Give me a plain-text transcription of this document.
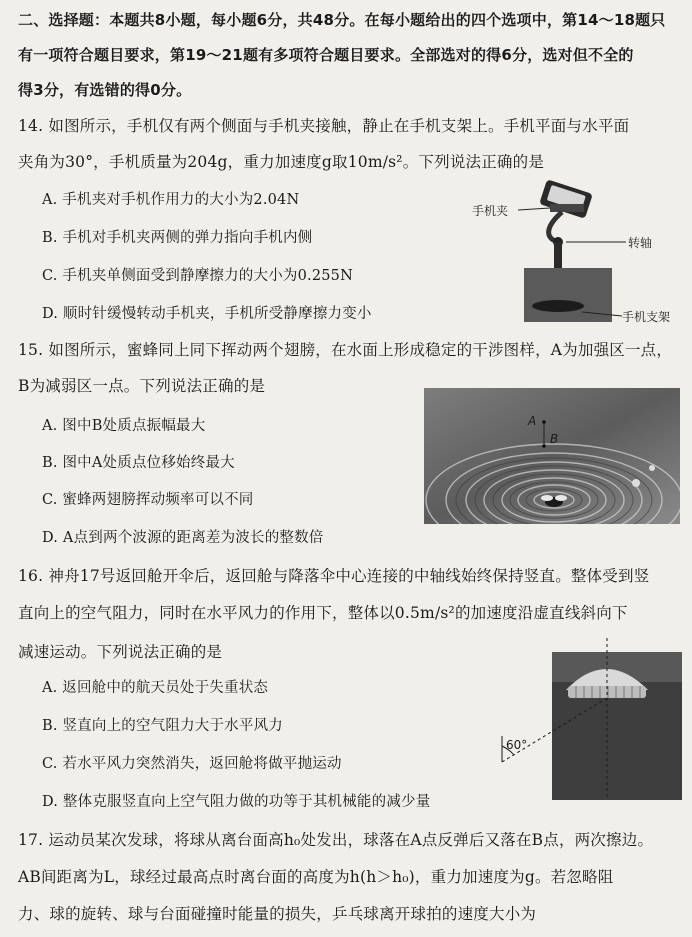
二、选择题：本题共8小题，每小题6分，共48分。在每小题给出的四个选项中，第14～18题只
有一项符合题目要求，第19～21题有多项符合题目要求。全部选对的得6分，选对但不全的
得3分，有选错的得0分。
14. 如图所示，手机仅有两个侧面与手机夹接触，静止在手机支架上。手机平面与水平面
夹角为30°，手机质量为204g，重力加速度g取10m/s²。下列说法正确的是
A. 手机夹对手机作用力的大小为2.04N
B. 手机对手机夹两侧的弹力指向手机内侧
C. 手机夹单侧面受到静摩擦力的大小为0.255N
D. 顺时针缓慢转动手机夹，手机所受静摩擦力变小
手机夹
转轴
手机支架
15. 如图所示，蜜蜂同上同下挥动两个翅膀，在水面上形成稳定的干涉图样，A为加强区一点，
B为减弱区一点。下列说法正确的是
A. 图中B处质点振幅最大
B. 图中A处质点位移始终最大
C. 蜜蜂两翅膀挥动频率可以不同
D. A点到两个波源的距离差为波长的整数倍
A
B
16. 神舟17号返回舱开伞后，返回舱与降落伞中心连接的中轴线始终保持竖直。整体受到竖
直向上的空气阻力，同时在水平风力的作用下，整体以0.5m/s²的加速度沿虚直线斜向下
减速运动。下列说法正确的是
A. 返回舱中的航天员处于失重状态
B. 竖直向上的空气阻力大于水平风力
C. 若水平风力突然消失，返回舱将做平抛运动
D. 整体克服竖直向上空气阻力做的功等于其机械能的减少量
60°
17. 运动员某次发球，将球从离台面高h₀处发出，球落在A点反弹后又落在B点，两次擦边。
AB间距离为L，球经过最高点时离台面的高度为h(h＞h₀)，重力加速度为g。若忽略阻
力、球的旋转、球与台面碰撞时能量的损失，乒乓球离开球拍的速度大小为
